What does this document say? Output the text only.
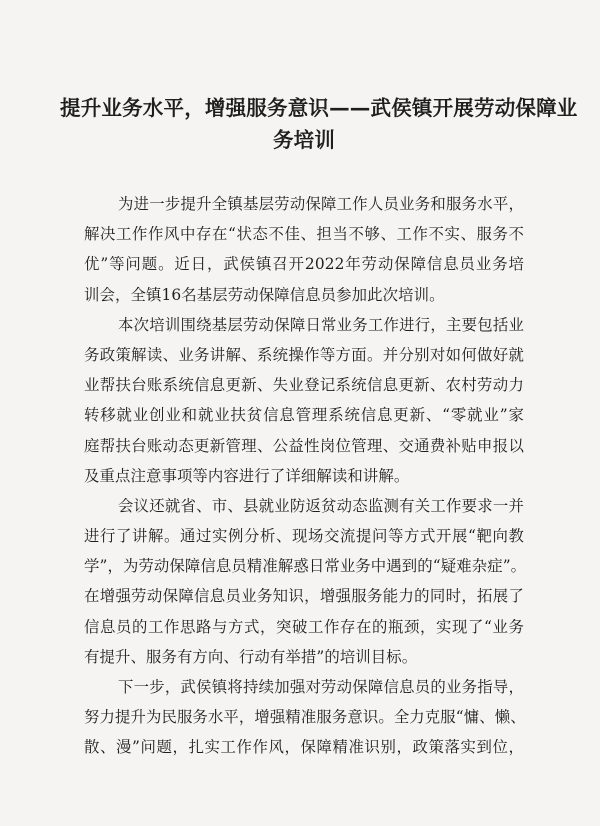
提升业务水平，增强服务意识——武侯镇开展劳动保障业
务培训
为进一步提升全镇基层劳动保障工作人员业务和服务水平，
解决工作作风中存在“状态不佳、担当不够、工作不实、服务不
优”等问题。近日，武侯镇召开2022年劳动保障信息员业务培
训会，全镇16名基层劳动保障信息员参加此次培训。
本次培训围绕基层劳动保障日常业务工作进行，主要包括业
务政策解读、业务讲解、系统操作等方面。并分别对如何做好就
业帮扶台账系统信息更新、失业登记系统信息更新、农村劳动力
转移就业创业和就业扶贫信息管理系统信息更新、“零就业”家
庭帮扶台账动态更新管理、公益性岗位管理、交通费补贴申报以
及重点注意事项等内容进行了详细解读和讲解。
会议还就省、市、县就业防返贫动态监测有关工作要求一并
进行了讲解。通过实例分析、现场交流提问等方式开展“靶向教
学”，为劳动保障信息员精准解惑日常业务中遇到的“疑难杂症”。
在增强劳动保障信息员业务知识，增强服务能力的同时，拓展了
信息员的工作思路与方式，突破工作存在的瓶颈，实现了“业务
有提升、服务有方向、行动有举措”的培训目标。
下一步，武侯镇将持续加强对劳动保障信息员的业务指导，
努力提升为民服务水平，增强精准服务意识。全力克服“慵、懒、
散、漫”问题，扎实工作作风，保障精准识别，政策落实到位，
